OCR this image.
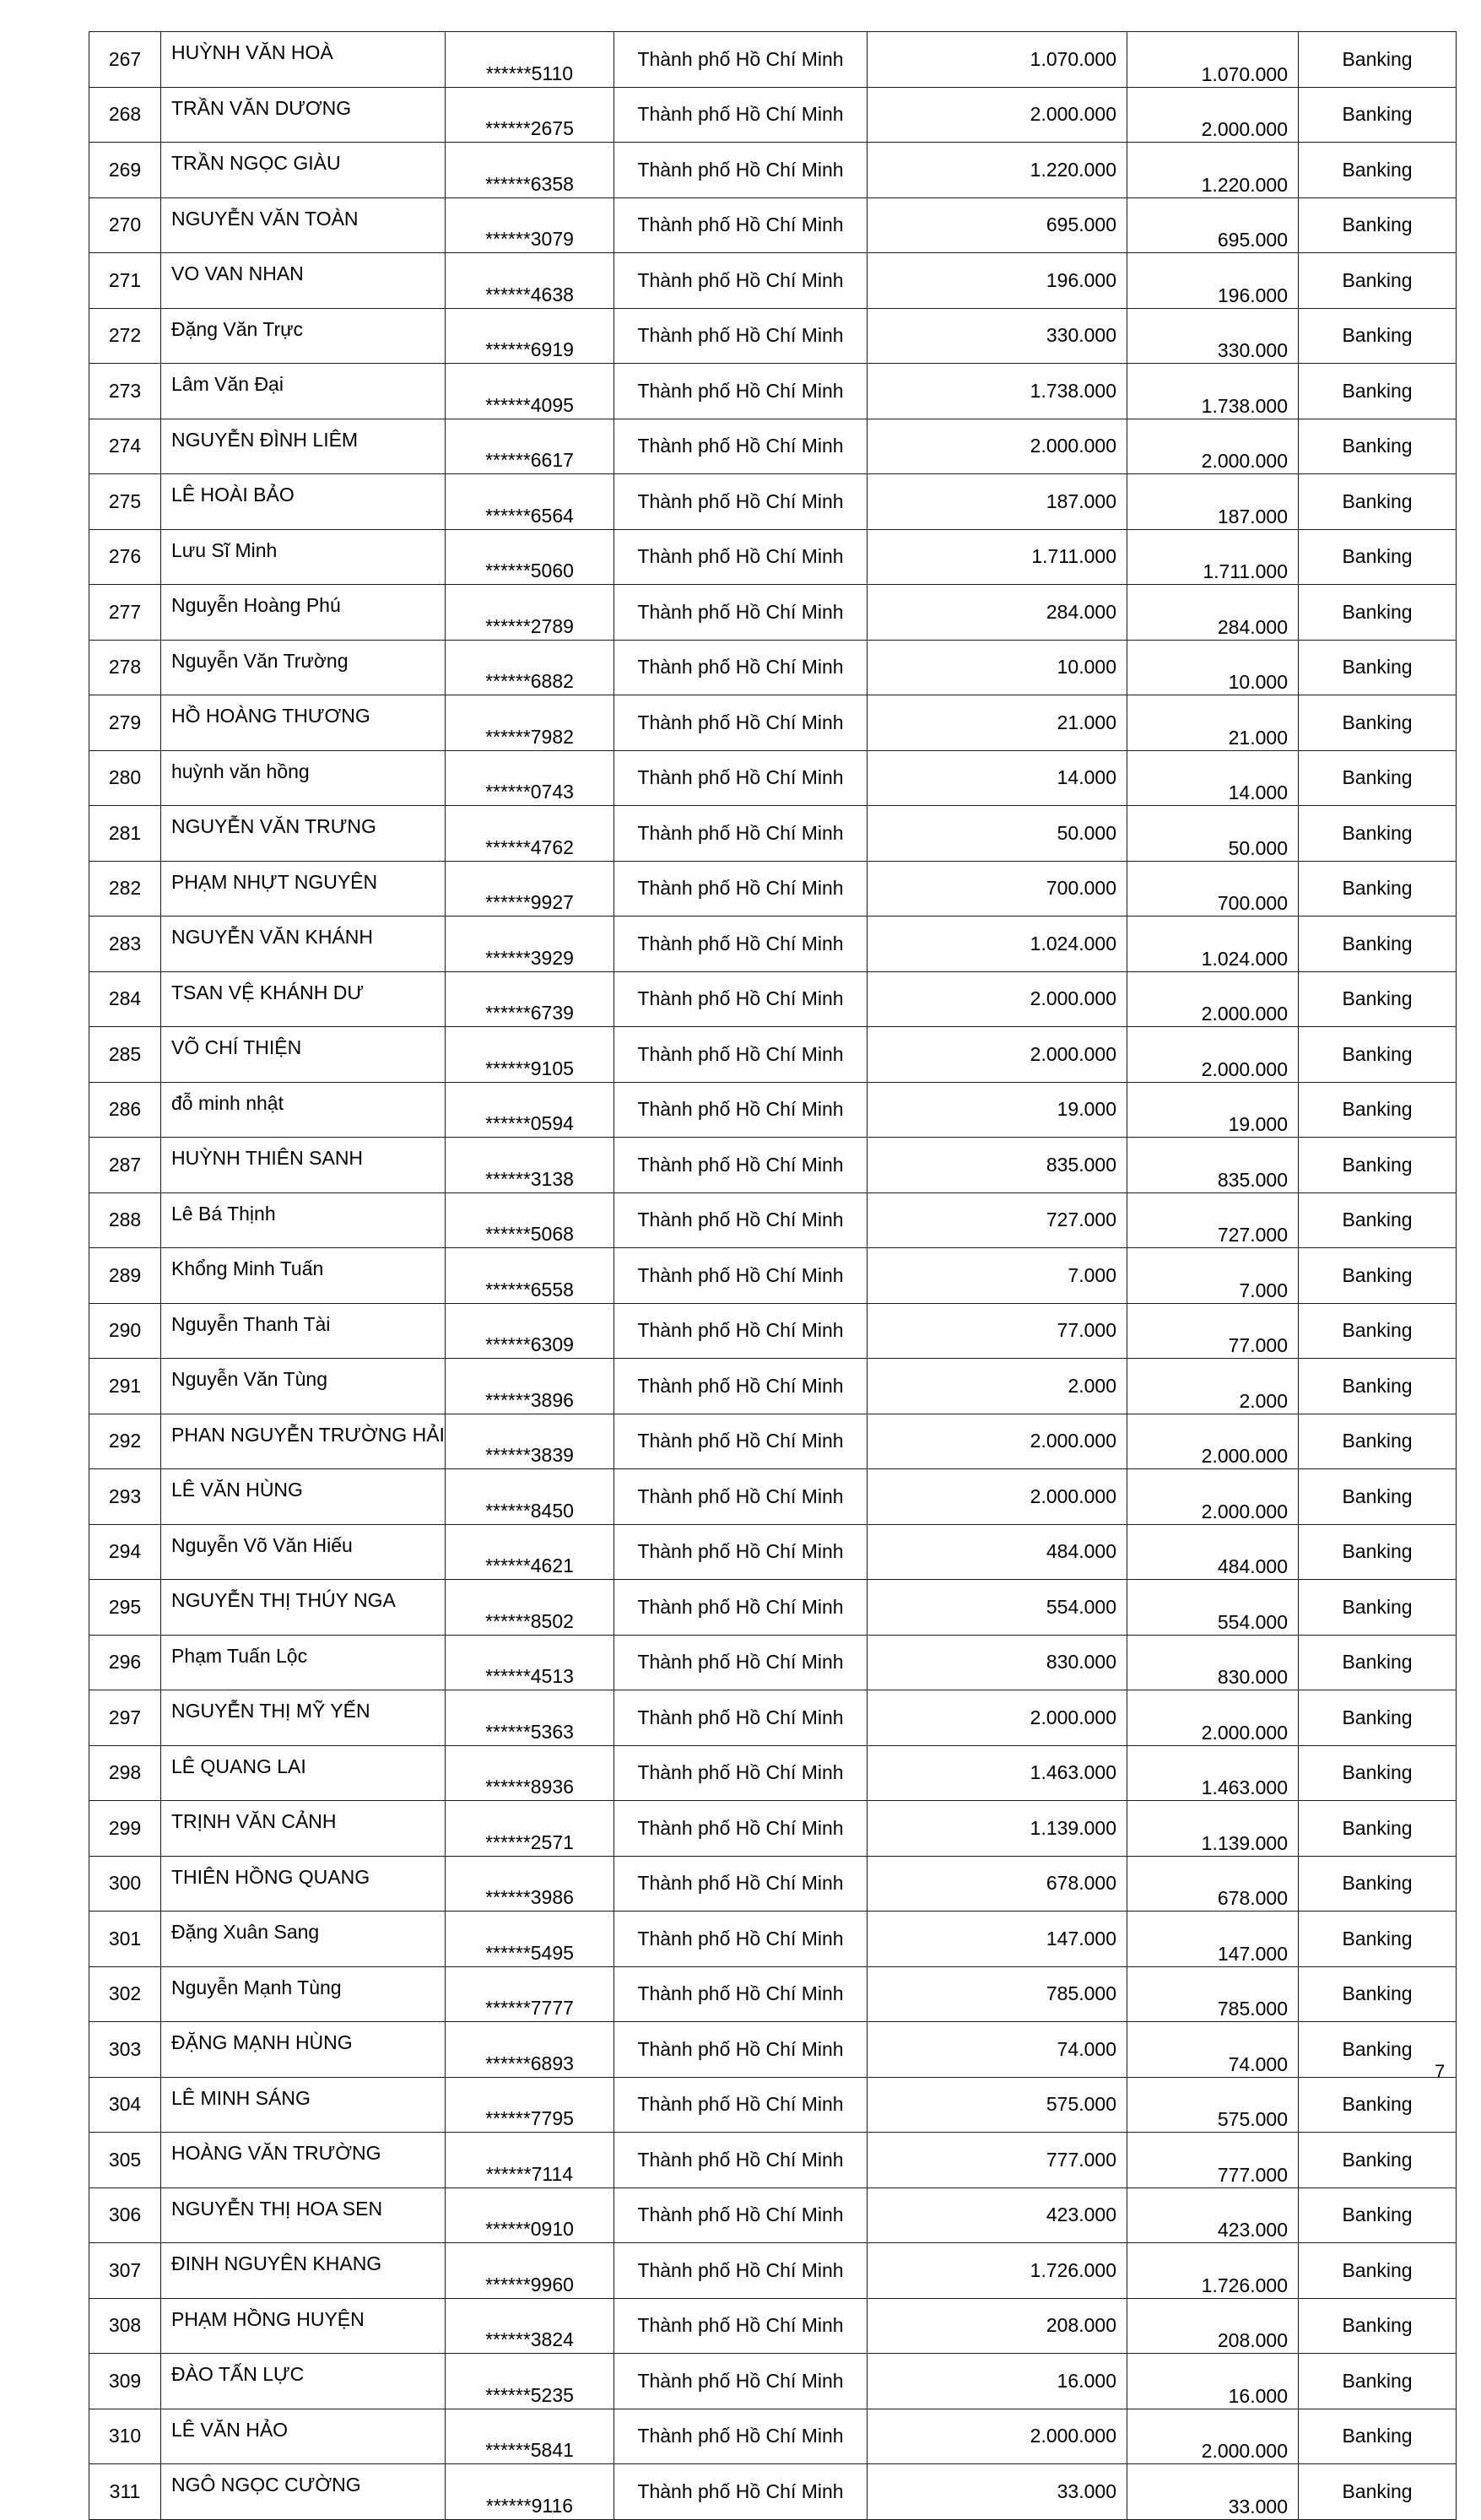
267	HUỲNH VĂN HOÀ	******5110	Thành phố Hồ Chí Minh	1.070.000	1.070.000	Banking
268	TRẦN VĂN DƯƠNG	******2675	Thành phố Hồ Chí Minh	2.000.000	2.000.000	Banking
269	TRẦN NGỌC GIÀU	******6358	Thành phố Hồ Chí Minh	1.220.000	1.220.000	Banking
270	NGUYỄN VĂN TOÀN	******3079	Thành phố Hồ Chí Minh	695.000	695.000	Banking
271	VO VAN NHAN	******4638	Thành phố Hồ Chí Minh	196.000	196.000	Banking
272	Đặng Văn Trực	******6919	Thành phố Hồ Chí Minh	330.000	330.000	Banking
273	Lâm Văn Đại	******4095	Thành phố Hồ Chí Minh	1.738.000	1.738.000	Banking
274	NGUYỄN ĐÌNH LIÊM	******6617	Thành phố Hồ Chí Minh	2.000.000	2.000.000	Banking
275	LÊ HOÀI BẢO	******6564	Thành phố Hồ Chí Minh	187.000	187.000	Banking
276	Lưu Sĩ Minh	******5060	Thành phố Hồ Chí Minh	1.711.000	1.711.000	Banking
277	Nguyễn Hoàng Phú	******2789	Thành phố Hồ Chí Minh	284.000	284.000	Banking
278	Nguyễn Văn Trường	******6882	Thành phố Hồ Chí Minh	10.000	10.000	Banking
279	HỒ HOÀNG THƯƠNG	******7982	Thành phố Hồ Chí Minh	21.000	21.000	Banking
280	huỳnh văn hồng	******0743	Thành phố Hồ Chí Minh	14.000	14.000	Banking
281	NGUYỄN VĂN TRƯNG	******4762	Thành phố Hồ Chí Minh	50.000	50.000	Banking
282	PHẠM NHỰT NGUYÊN	******9927	Thành phố Hồ Chí Minh	700.000	700.000	Banking
283	NGUYỄN VĂN KHÁNH	******3929	Thành phố Hồ Chí Minh	1.024.000	1.024.000	Banking
284	TSAN VỆ KHÁNH DƯ	******6739	Thành phố Hồ Chí Minh	2.000.000	2.000.000	Banking
285	VÕ CHÍ THIỆN	******9105	Thành phố Hồ Chí Minh	2.000.000	2.000.000	Banking
286	đỗ minh nhật	******0594	Thành phố Hồ Chí Minh	19.000	19.000	Banking
287	HUỲNH THIÊN SANH	******3138	Thành phố Hồ Chí Minh	835.000	835.000	Banking
288	Lê Bá Thịnh	******5068	Thành phố Hồ Chí Minh	727.000	727.000	Banking
289	Khổng Minh Tuấn	******6558	Thành phố Hồ Chí Minh	7.000	7.000	Banking
290	Nguyễn Thanh Tài	******6309	Thành phố Hồ Chí Minh	77.000	77.000	Banking
291	Nguyễn Văn Tùng	******3896	Thành phố Hồ Chí Minh	2.000	2.000	Banking
292	PHAN NGUYỄN TRƯỜNG HẢI	******3839	Thành phố Hồ Chí Minh	2.000.000	2.000.000	Banking
293	LÊ VĂN HÙNG	******8450	Thành phố Hồ Chí Minh	2.000.000	2.000.000	Banking
294	Nguyễn Võ Văn Hiếu	******4621	Thành phố Hồ Chí Minh	484.000	484.000	Banking
295	NGUYỄN THỊ THÚY NGA	******8502	Thành phố Hồ Chí Minh	554.000	554.000	Banking
296	Phạm Tuấn Lộc	******4513	Thành phố Hồ Chí Minh	830.000	830.000	Banking
297	NGUYỄN THỊ MỸ YẾN	******5363	Thành phố Hồ Chí Minh	2.000.000	2.000.000	Banking
298	LÊ QUANG LAI	******8936	Thành phố Hồ Chí Minh	1.463.000	1.463.000	Banking
299	TRỊNH VĂN CẢNH	******2571	Thành phố Hồ Chí Minh	1.139.000	1.139.000	Banking
300	THIÊN HỒNG QUANG	******3986	Thành phố Hồ Chí Minh	678.000	678.000	Banking
301	Đặng Xuân Sang	******5495	Thành phố Hồ Chí Minh	147.000	147.000	Banking
302	Nguyễn Mạnh Tùng	******7777	Thành phố Hồ Chí Minh	785.000	785.000	Banking
303	ĐẶNG MẠNH HÙNG	******6893	Thành phố Hồ Chí Minh	74.000	74.000	Banking
304	LÊ MINH SÁNG	******7795	Thành phố Hồ Chí Minh	575.000	575.000	Banking
305	HOÀNG VĂN TRƯỜNG	******7114	Thành phố Hồ Chí Minh	777.000	777.000	Banking
306	NGUYỄN THỊ HOA SEN	******0910	Thành phố Hồ Chí Minh	423.000	423.000	Banking
307	ĐINH NGUYÊN KHANG	******9960	Thành phố Hồ Chí Minh	1.726.000	1.726.000	Banking
308	PHẠM HỒNG HUYỆN	******3824	Thành phố Hồ Chí Minh	208.000	208.000	Banking
309	ĐÀO TẤN LỰC	******5235	Thành phố Hồ Chí Minh	16.000	16.000	Banking
310	LÊ VĂN HẢO	******5841	Thành phố Hồ Chí Minh	2.000.000	2.000.000	Banking
311	NGÔ NGỌC CƯỜNG	******9116	Thành phố Hồ Chí Minh	33.000	33.000	Banking
7
